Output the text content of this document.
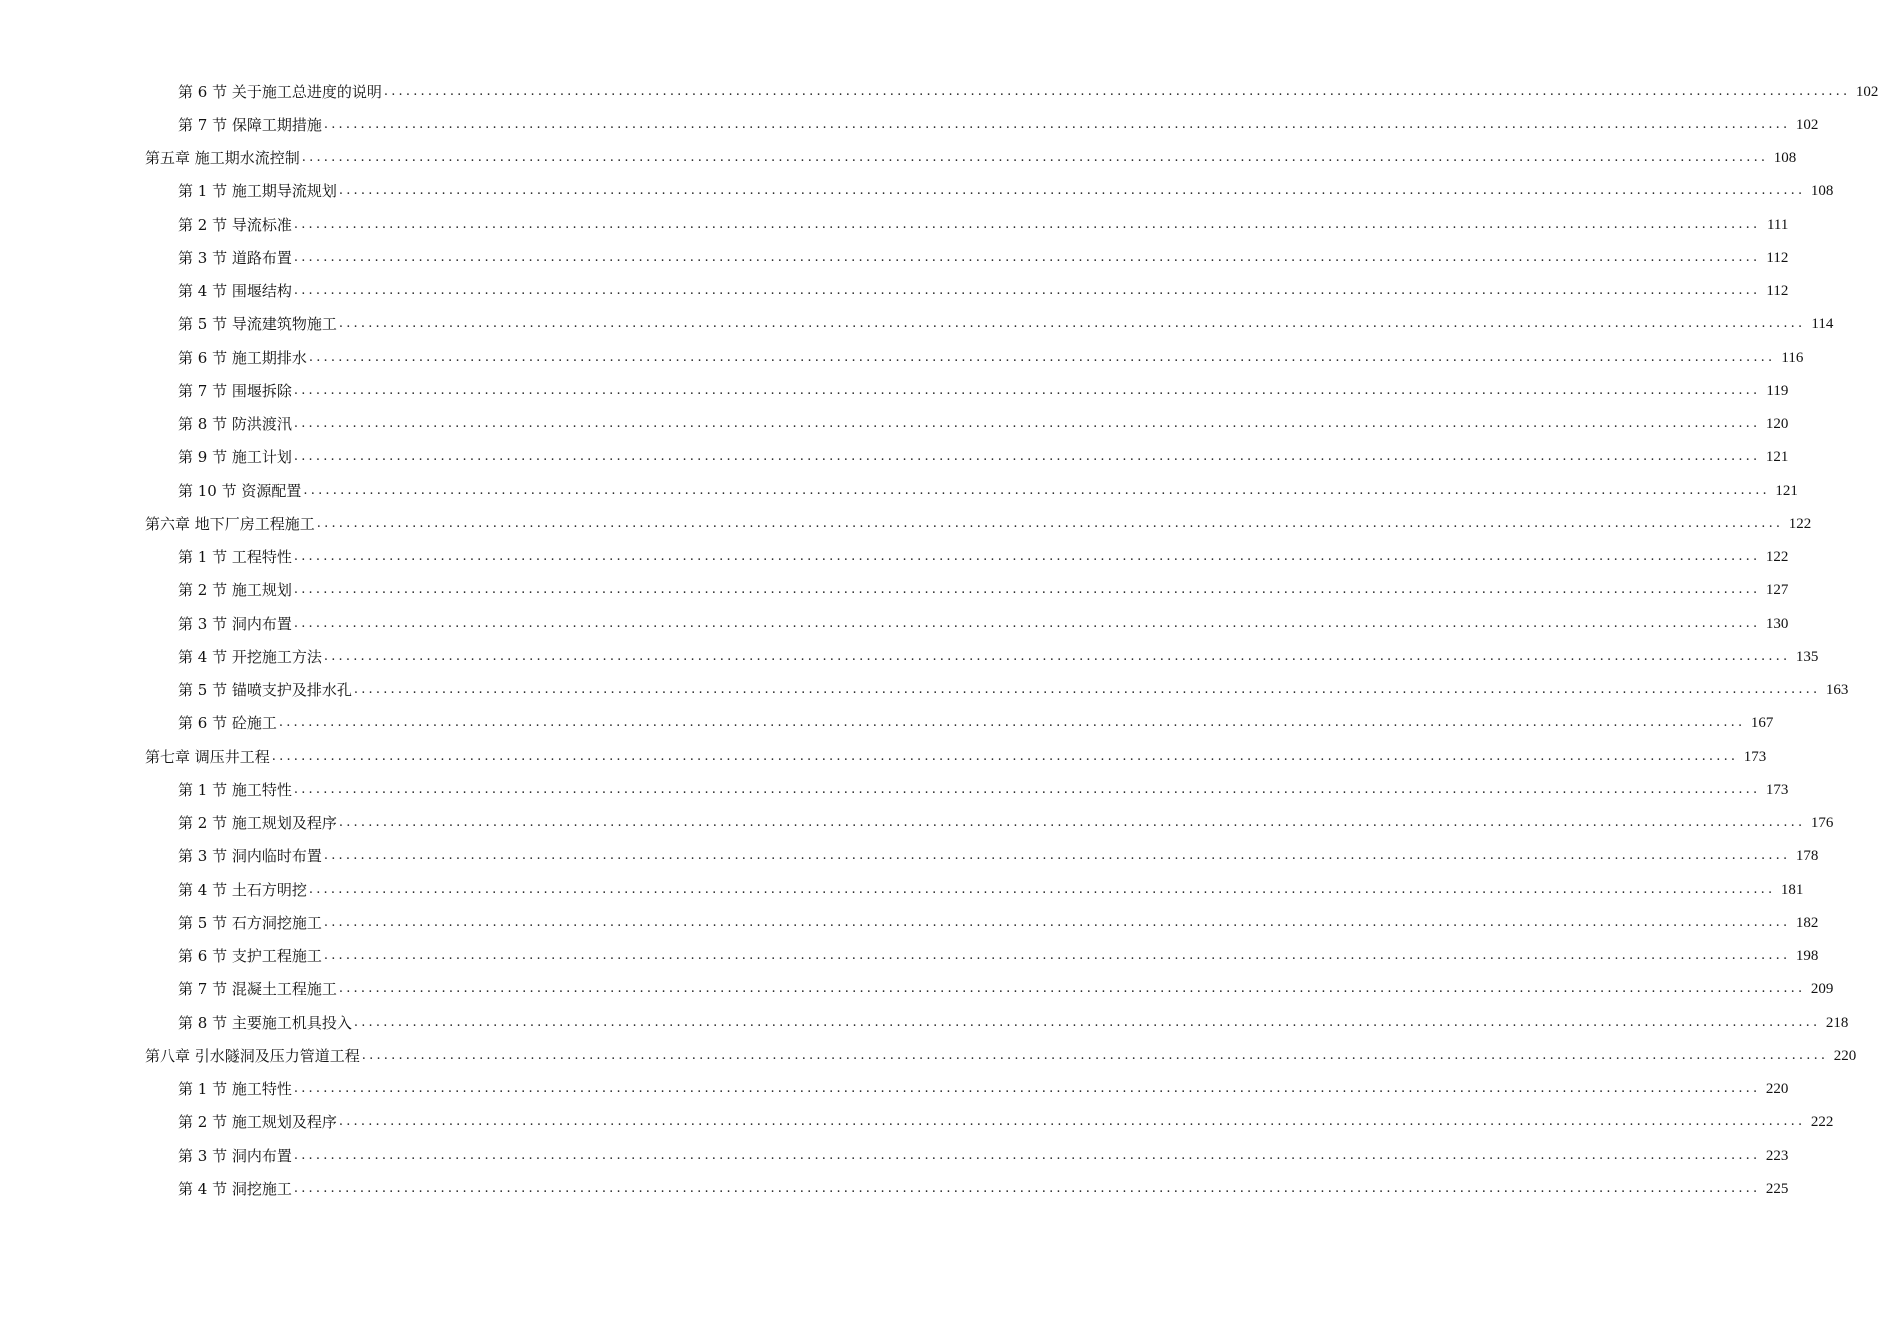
第 6 节 关于施工总进度的说明 ........................................................................................................................................................................................................ 102
第 7 节 保障工期措施 ........................................................................................................................................................................................................ 102
第五章 施工期水流控制 ........................................................................................................................................................................................................ 108
第 1 节 施工期导流规划 ........................................................................................................................................................................................................ 108
第 2 节 导流标准 ........................................................................................................................................................................................................ 111
第 3 节 道路布置 ........................................................................................................................................................................................................ 112
第 4 节 围堰结构 ........................................................................................................................................................................................................ 112
第 5 节 导流建筑物施工 ........................................................................................................................................................................................................ 114
第 6 节 施工期排水 ........................................................................................................................................................................................................ 116
第 7 节 围堰拆除 ........................................................................................................................................................................................................ 119
第 8 节 防洪渡汛 ........................................................................................................................................................................................................ 120
第 9 节 施工计划 ........................................................................................................................................................................................................ 121
第 10 节 资源配置 ........................................................................................................................................................................................................ 121
第六章 地下厂房工程施工 ........................................................................................................................................................................................................ 122
第 1 节 工程特性 ........................................................................................................................................................................................................ 122
第 2 节 施工规划 ........................................................................................................................................................................................................ 127
第 3 节 洞内布置 ........................................................................................................................................................................................................ 130
第 4 节 开挖施工方法 ........................................................................................................................................................................................................ 135
第 5 节 锚喷支护及排水孔 ........................................................................................................................................................................................................ 163
第 6 节 砼施工 ........................................................................................................................................................................................................ 167
第七章 调压井工程 ........................................................................................................................................................................................................ 173
第 1 节 施工特性 ........................................................................................................................................................................................................ 173
第 2 节 施工规划及程序 ........................................................................................................................................................................................................ 176
第 3 节 洞内临时布置 ........................................................................................................................................................................................................ 178
第 4 节 土石方明挖 ........................................................................................................................................................................................................ 181
第 5 节 石方洞挖施工 ........................................................................................................................................................................................................ 182
第 6 节 支护工程施工 ........................................................................................................................................................................................................ 198
第 7 节 混凝土工程施工 ........................................................................................................................................................................................................ 209
第 8 节 主要施工机具投入 ........................................................................................................................................................................................................ 218
第八章 引水隧洞及压力管道工程 ........................................................................................................................................................................................................ 220
第 1 节 施工特性 ........................................................................................................................................................................................................ 220
第 2 节 施工规划及程序 ........................................................................................................................................................................................................ 222
第 3 节 洞内布置 ........................................................................................................................................................................................................ 223
第 4 节 洞挖施工 ........................................................................................................................................................................................................ 225
